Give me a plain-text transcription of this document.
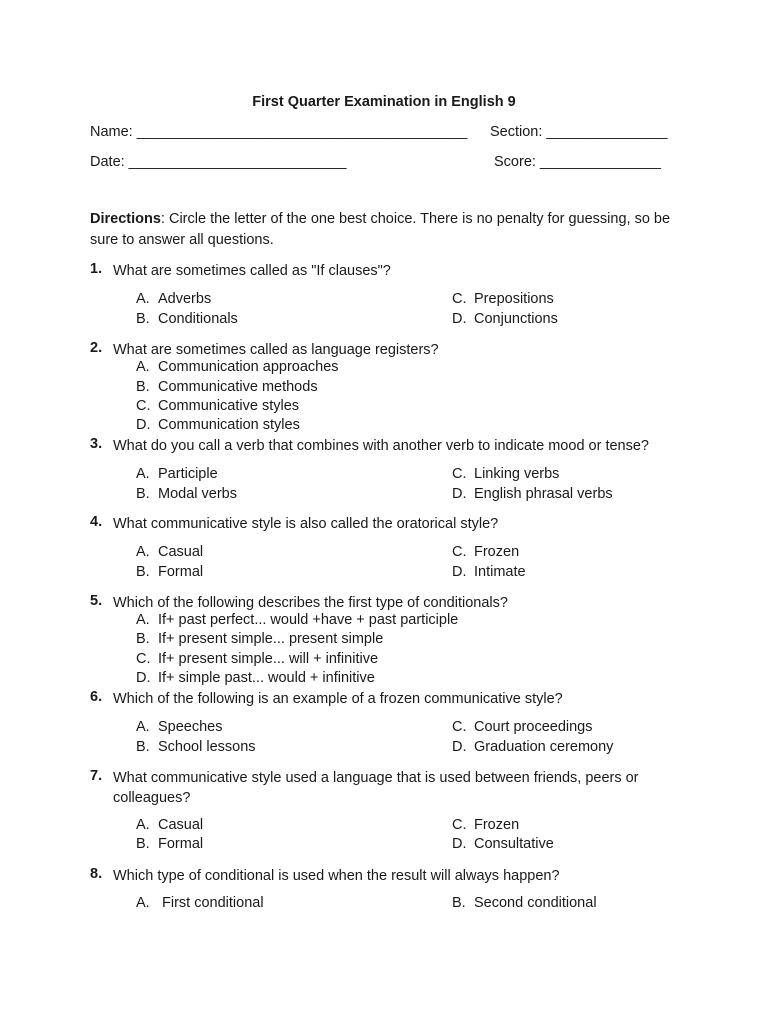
First Quarter Examination in English 9
Name: _________________________________________ Section: _______________
Date: ___________________________	Score: _______________
Directions: Circle the letter of the one best choice. There is no penalty for guessing, so be sure to answer all questions.
1. What are sometimes called as "If clauses"?
A. Adverbs
B. Conditionals
C. Prepositions
D. Conjunctions
2. What are sometimes called as language registers?
A. Communication approaches
B. Communicative methods
C. Communicative styles
D. Communication styles
3. What do you call a verb that combines with another verb to indicate mood or tense?
A. Participle
B. Modal verbs
C. Linking verbs
D. English phrasal verbs
4. What communicative style is also called the oratorical style?
A. Casual
B. Formal
C. Frozen
D. Intimate
5. Which of the following describes the first type of conditionals?
A. If+ past perfect... would +have + past participle
B. If+ present simple... present simple
C. If+ present simple... will + infinitive
D. If+ simple past... would + infinitive
6. Which of the following is an example of a frozen communicative style?
A. Speeches
B. School lessons
C. Court proceedings
D. Graduation ceremony
7. What communicative style used a language that is used between friends, peers or colleagues?
A. Casual
B. Formal
C. Frozen
D. Consultative
8. Which type of conditional is used when the result will always happen?
A. First conditional	B. Second conditional
